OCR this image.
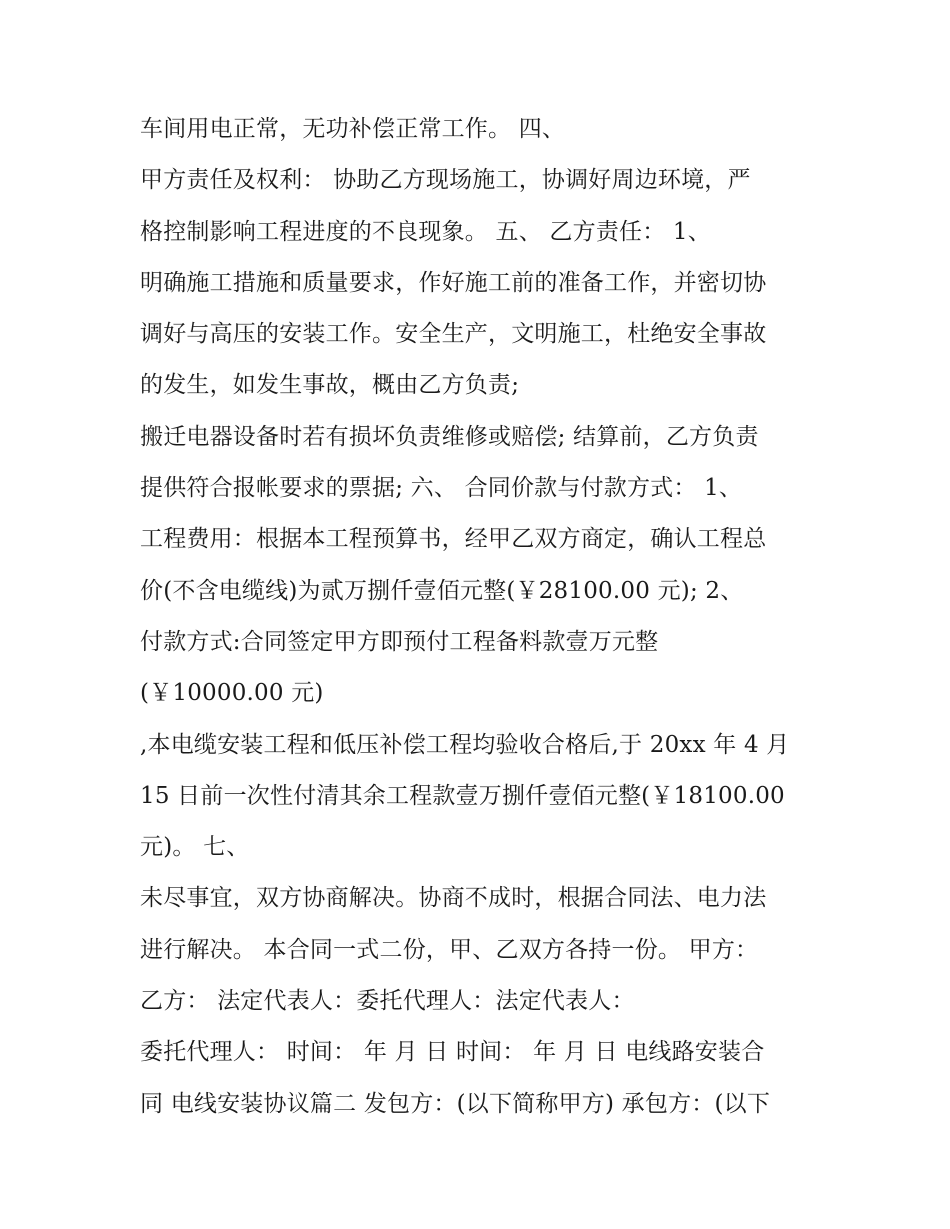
车间用电正常，无功补偿正常工作。 四、
甲方责任及权利： 协助乙方现场施工，协调好周边环境，严
格控制影响工程进度的不良现象。 五、 乙方责任： 1、
明确施工措施和质量要求，作好施工前的准备工作，并密切协
调好与高压的安装工作。安全生产，文明施工，杜绝安全事故
的发生，如发生事故，概由乙方负责;
搬迁电器设备时若有损坏负责维修或赔偿; 结算前，乙方负责
提供符合报帐要求的票据; 六、 合同价款与付款方式： 1、
工程费用：根据本工程预算书，经甲乙双方商定，确认工程总
价(不含电缆线)为贰万捌仟壹佰元整(￥28100.00 元); 2、
付款方式:合同签定甲方即预付工程备料款壹万元整
(￥10000.00 元)
,本电缆安装工程和低压补偿工程均验收合格后,于 20xx 年 4 月
15 日前一次性付清其余工程款壹万捌仟壹佰元整(￥18100.00
元)。 七、
未尽事宜，双方协商解决。协商不成时，根据合同法、电力法
进行解决。 本合同一式二份，甲、乙双方各持一份。 甲方：
乙方： 法定代表人：委托代理人：法定代表人：
委托代理人： 时间： 年 月 日 时间： 年 月 日 电线路安装合
同 电线安装协议篇二 发包方：(以下简称甲方) 承包方：(以下
